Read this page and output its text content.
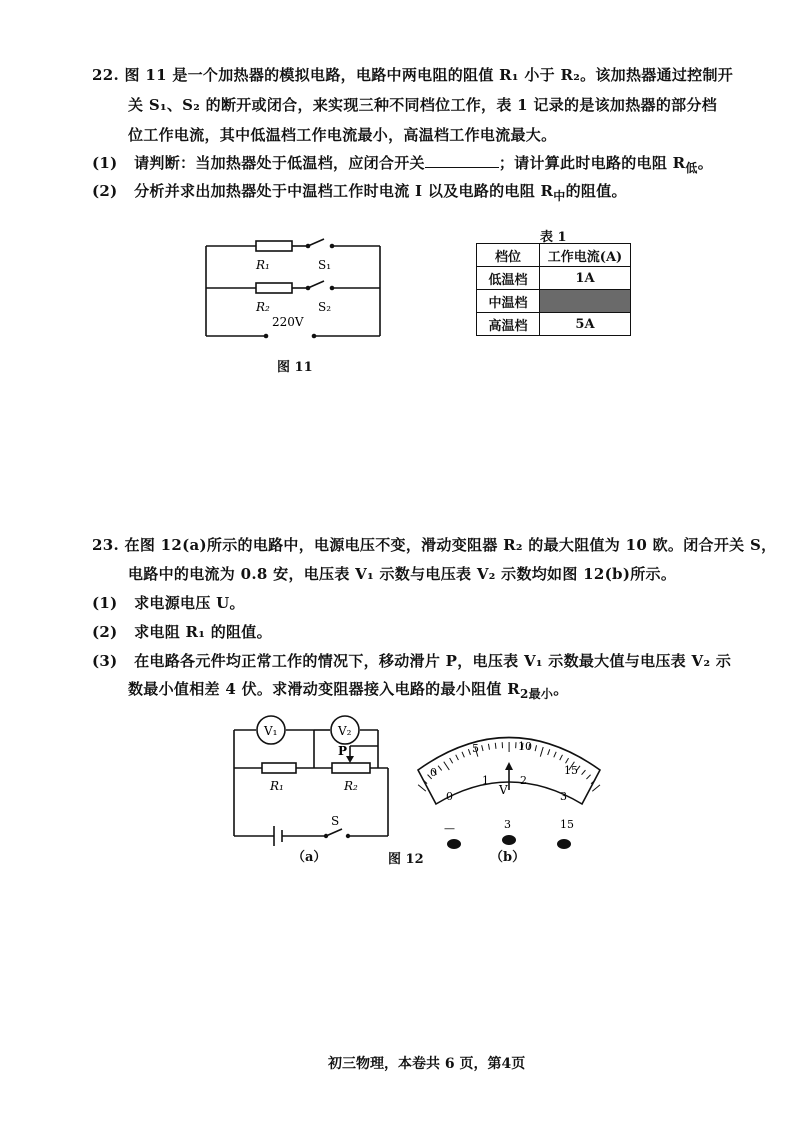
22. 图 11 是一个加热器的模拟电路，电路中两电阻的阻值 R₁ 小于 R₂。该加热器通过控制开
关 S₁、S₂ 的断开或闭合，来实现三种不同档位工作，表 1 记录的是该加热器的部分档
位工作电流，其中低温档工作电流最小，高温档工作电流最大。
(1) 请判断：当加热器处于低温档，应闭合开关	；请计算此时电路的电阻 $R_低$。
(2) 分析并求出加热器处于中温档工作时电流 I 以及电路的电阻 $R_中$的阻值。
R₁	S₁
R₂	S₂
220V
图 11
表 1
档位	工作电流(A)
低温档	1A
中温档	
高温档	5A
23. 在图 12(a)所示的电路中，电源电压不变，滑动变阻器 R₂ 的最大阻值为 10 欧。闭合开关 S，
电路中的电流为 0.8 安，电压表 V₁ 示数与电压表 V₂ 示数均如图 12(b)所示。
(1) 求电源电压 U。
(2) 求电阻 R₁ 的阻值。
(3) 在电路各元件均正常工作的情况下，移动滑片 P，电压表 V₁ 示数最大值与电压表 V₂ 示
数最小值相差 4 伏。求滑动变阻器接入电路的最小阻值 $R_{2最小}$。
V₁	V₂
P
R₁	R₂
S
（a）	图 12
0
5	10
15
0
1	2
3
V
—	3	15
（b）
初三物理，本卷共 6 页，第4页
